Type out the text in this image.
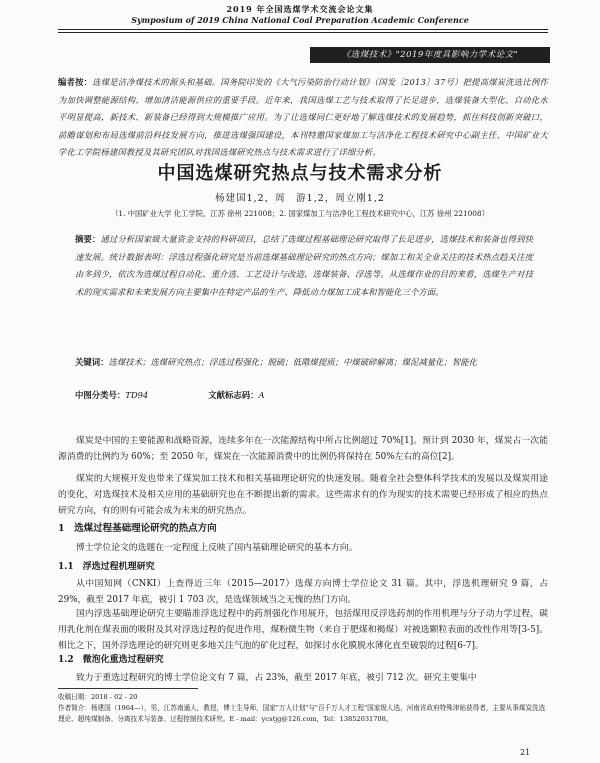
2019 年全国选煤学术交流会论文集
Symposium of 2019 China National Coal Preparation Academic Conference
《选煤技术》"2019年度具影响力学术论文"
编者按：选煤是洁净煤技术的源头和基础。国务院印发的《大气污染防治行动计划》（国发〔2013〕37号）把提高煤炭洗选比例作为加快调整能源结构、增加清洁能源供应的重要手段。近年来，我国选煤工艺与技术取得了长足进步，选煤装备大型化、自动化水平明显提高，新技术、新装备已经得到大规模推广应用。为了让选煤同仁更好地了解选煤技术的发展趋势，抓住科技创新突破口，前瞻谋划和布局选煤前沿科技发展方向，推进选煤强国建设，本刊特邀国家煤加工与洁净化工程技术研究中心副主任、中国矿业大学化工学院杨建国教授及其研究团队对我国选煤研究热点与技术需求进行了详细分析。
中国选煤研究热点与技术需求分析
杨建国1,2，周　游1,2，周立刚1,2
（1. 中国矿业大学 化工学院，江苏 徐州 221008；2. 国家煤加工与洁净化工程技术研究中心，江苏 徐州 221008）
摘要：通过分析国家級大量资金支持的科研项目，总结了选煤过程基础理论研究取得了长足进步，选煤技术和装备也得到快速发展。统计数据表明：浮选过程强化研究是当前选煤基础理论研究的热点方向；煤加工和关全业关注的技术热点趋关注度由多到少，依次为选煤过程自动化、重介选、工艺设计与改造、选煤装备、浮选等。从选煤作业的目的来看，选煤生产对技术的现实需求和未来发展方向主要集中在特定产品的生产、降低动力煤加工成本和智能化三个方面。
关键词：选煤技术；选煤研究热点；浮选过程强化；脱硫；低階煤提质；中煤破碎解离；煤泥减量化；智能化
中图分类号：TD94	文献标志码：A
煤炭是中国的主要能源和战略资源，连续多年在一次能源结构中所占比例超过 70%[1]。预计到 2030 年，煤炭占一次能源消费的比例约为 60%；至 2050 年，煤炭在一次能源消费中的比例仍将保持在 50%左右的高位[2]。
煤炭的大规模开发也带来了煤炭加工技术和相关基础理论研究的快速发展。随着全社会整体科学技术的发展以及煤炭用途的变化，对选煤技术及相关应用的基础研究也在不断提出新的需求。这些需求有的作为现实的技术需要已经形成了相应的热点研究方向，有的则有可能会成为未来的研究热点。
1　选煤过程基础理论研究的热点方向
博士学位论文的选题在一定程度上反映了国内基础理论研究的基本方向。
1.1　浮选过程机理研究
从中国知网（CNKI）上查得近三年（2015—2017）选煤方向博士学位论文 31 篇。其中，浮选机理研究 9 篇，占 29%，截至 2017 年底，被引 1 703 次，是选煤领域当之无愧的热门方向。
国内浮选基础理论研究主要瞄准浮选过程中的药剂强化作用展开，包括煤用反浮选药剂的作用机理与分子动力学过程，碳用乳化剂在煤表面的吸附及其对浮选过程的促进作用，煤粉微生物（来自于肥煤和褐煤）对被选颗粒表面的改性作用等[3-5]。相比之下，国外浮选理论的研究则更多地关注气泡的矿化过程，如探讨水化膜脱水薄化直至破裂的过程[6-7]。
1.2　微泡化重选过程研究
致力于重选过程研究的博士学位论文有 7 篇，占 23%，截至 2017 年底，被引 712 次。研究主要集中
收稿日期：2018 - 02 - 20
作者简介：杨建国（1964—），男，江苏南通人，教授，博士生导师，国家"万人计划"与"百千万人才工程"国家级人选，河南省政府特殊津贴获得者，主要从事煤炭洗选理论、超纯煤制备、分离技术与装备、过程控制技术研究。E - mail：ycstjg@126.com，Tel：13852031708。
21
